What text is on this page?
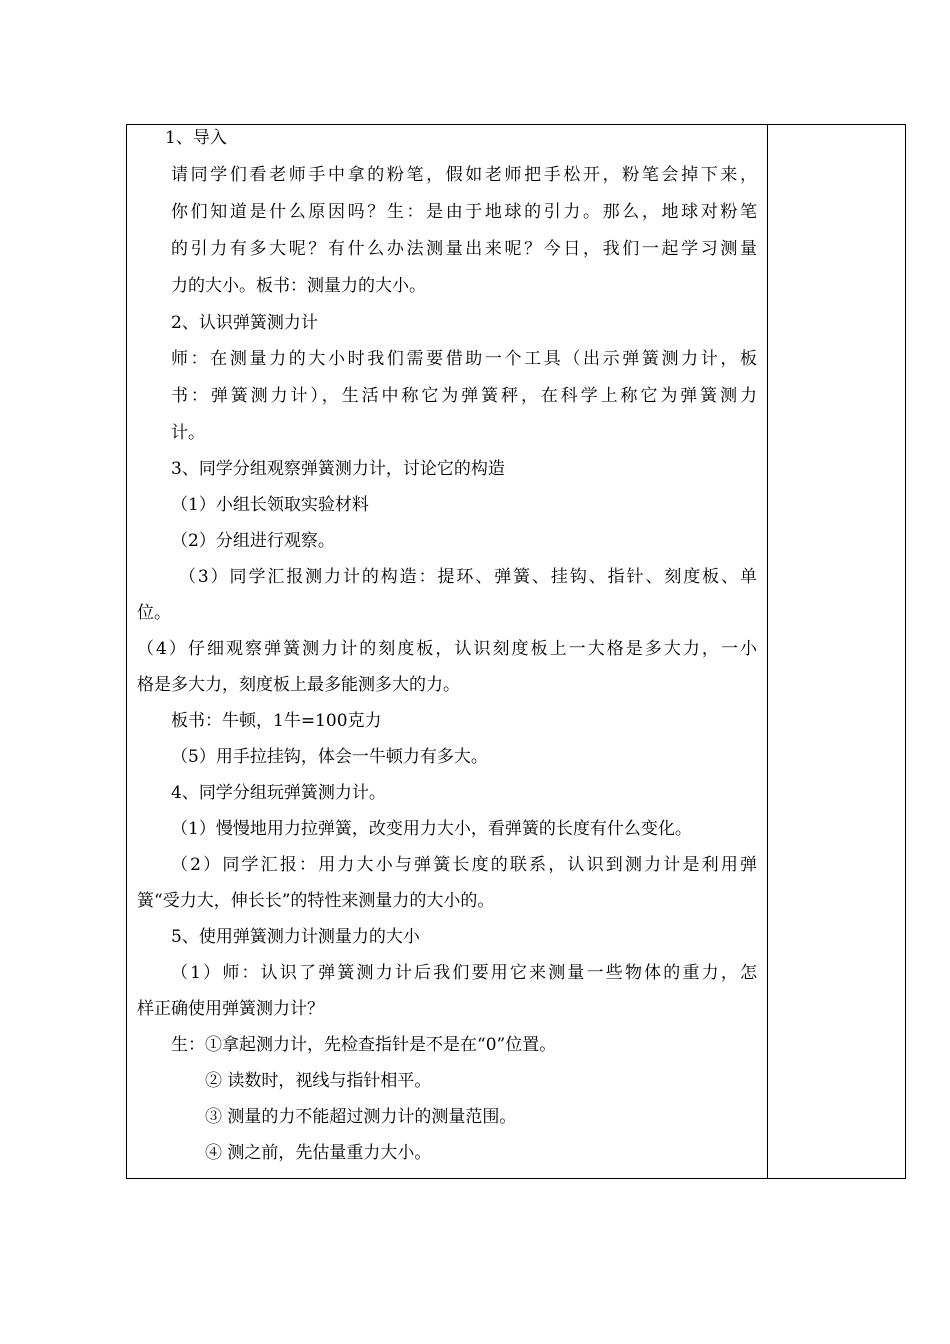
1、导入
请同学们看老师手中拿的粉笔，假如老师把手松开，粉笔会掉下来，
你们知道是什么原因吗？生：是由于地球的引力。那么，地球对粉笔
的引力有多大呢？有什么办法测量出来呢？今日，我们一起学习测量
力的大小。板书：测量力的大小。
2、认识弹簧测力计
师：在测量力的大小时我们需要借助一个工具（出示弹簧测力计，板
书：弹簧测力计），生活中称它为弹簧秤，在科学上称它为弹簧测力
计。
3、同学分组观察弹簧测力计，讨论它的构造
（1）小组长领取实验材料
（2）分组进行观察。
（3）同学汇报测力计的构造：提环、弹簧、挂钩、指针、刻度板、单
位。
（4）仔细观察弹簧测力计的刻度板，认识刻度板上一大格是多大力，一小
格是多大力，刻度板上最多能测多大的力。
板书：牛顿，1牛=100克力
（5）用手拉挂钩，体会一牛顿力有多大。
4、同学分组玩弹簧测力计。
（1）慢慢地用力拉弹簧，改变用力大小，看弹簧的长度有什么变化。
（2）同学汇报：用力大小与弹簧长度的联系，认识到测力计是利用弹
簧“受力大，伸长长”的特性来测量力的大小的。
5、使用弹簧测力计测量力的大小
（1）师：认识了弹簧测力计后我们要用它来测量一些物体的重力，怎
样正确使用弹簧测力计？
生：①拿起测力计，先检查指针是不是在“0”位置。
② 读数时，视线与指针相平。
③ 测量的力不能超过测力计的测量范围。
④ 测之前，先估量重力大小。
